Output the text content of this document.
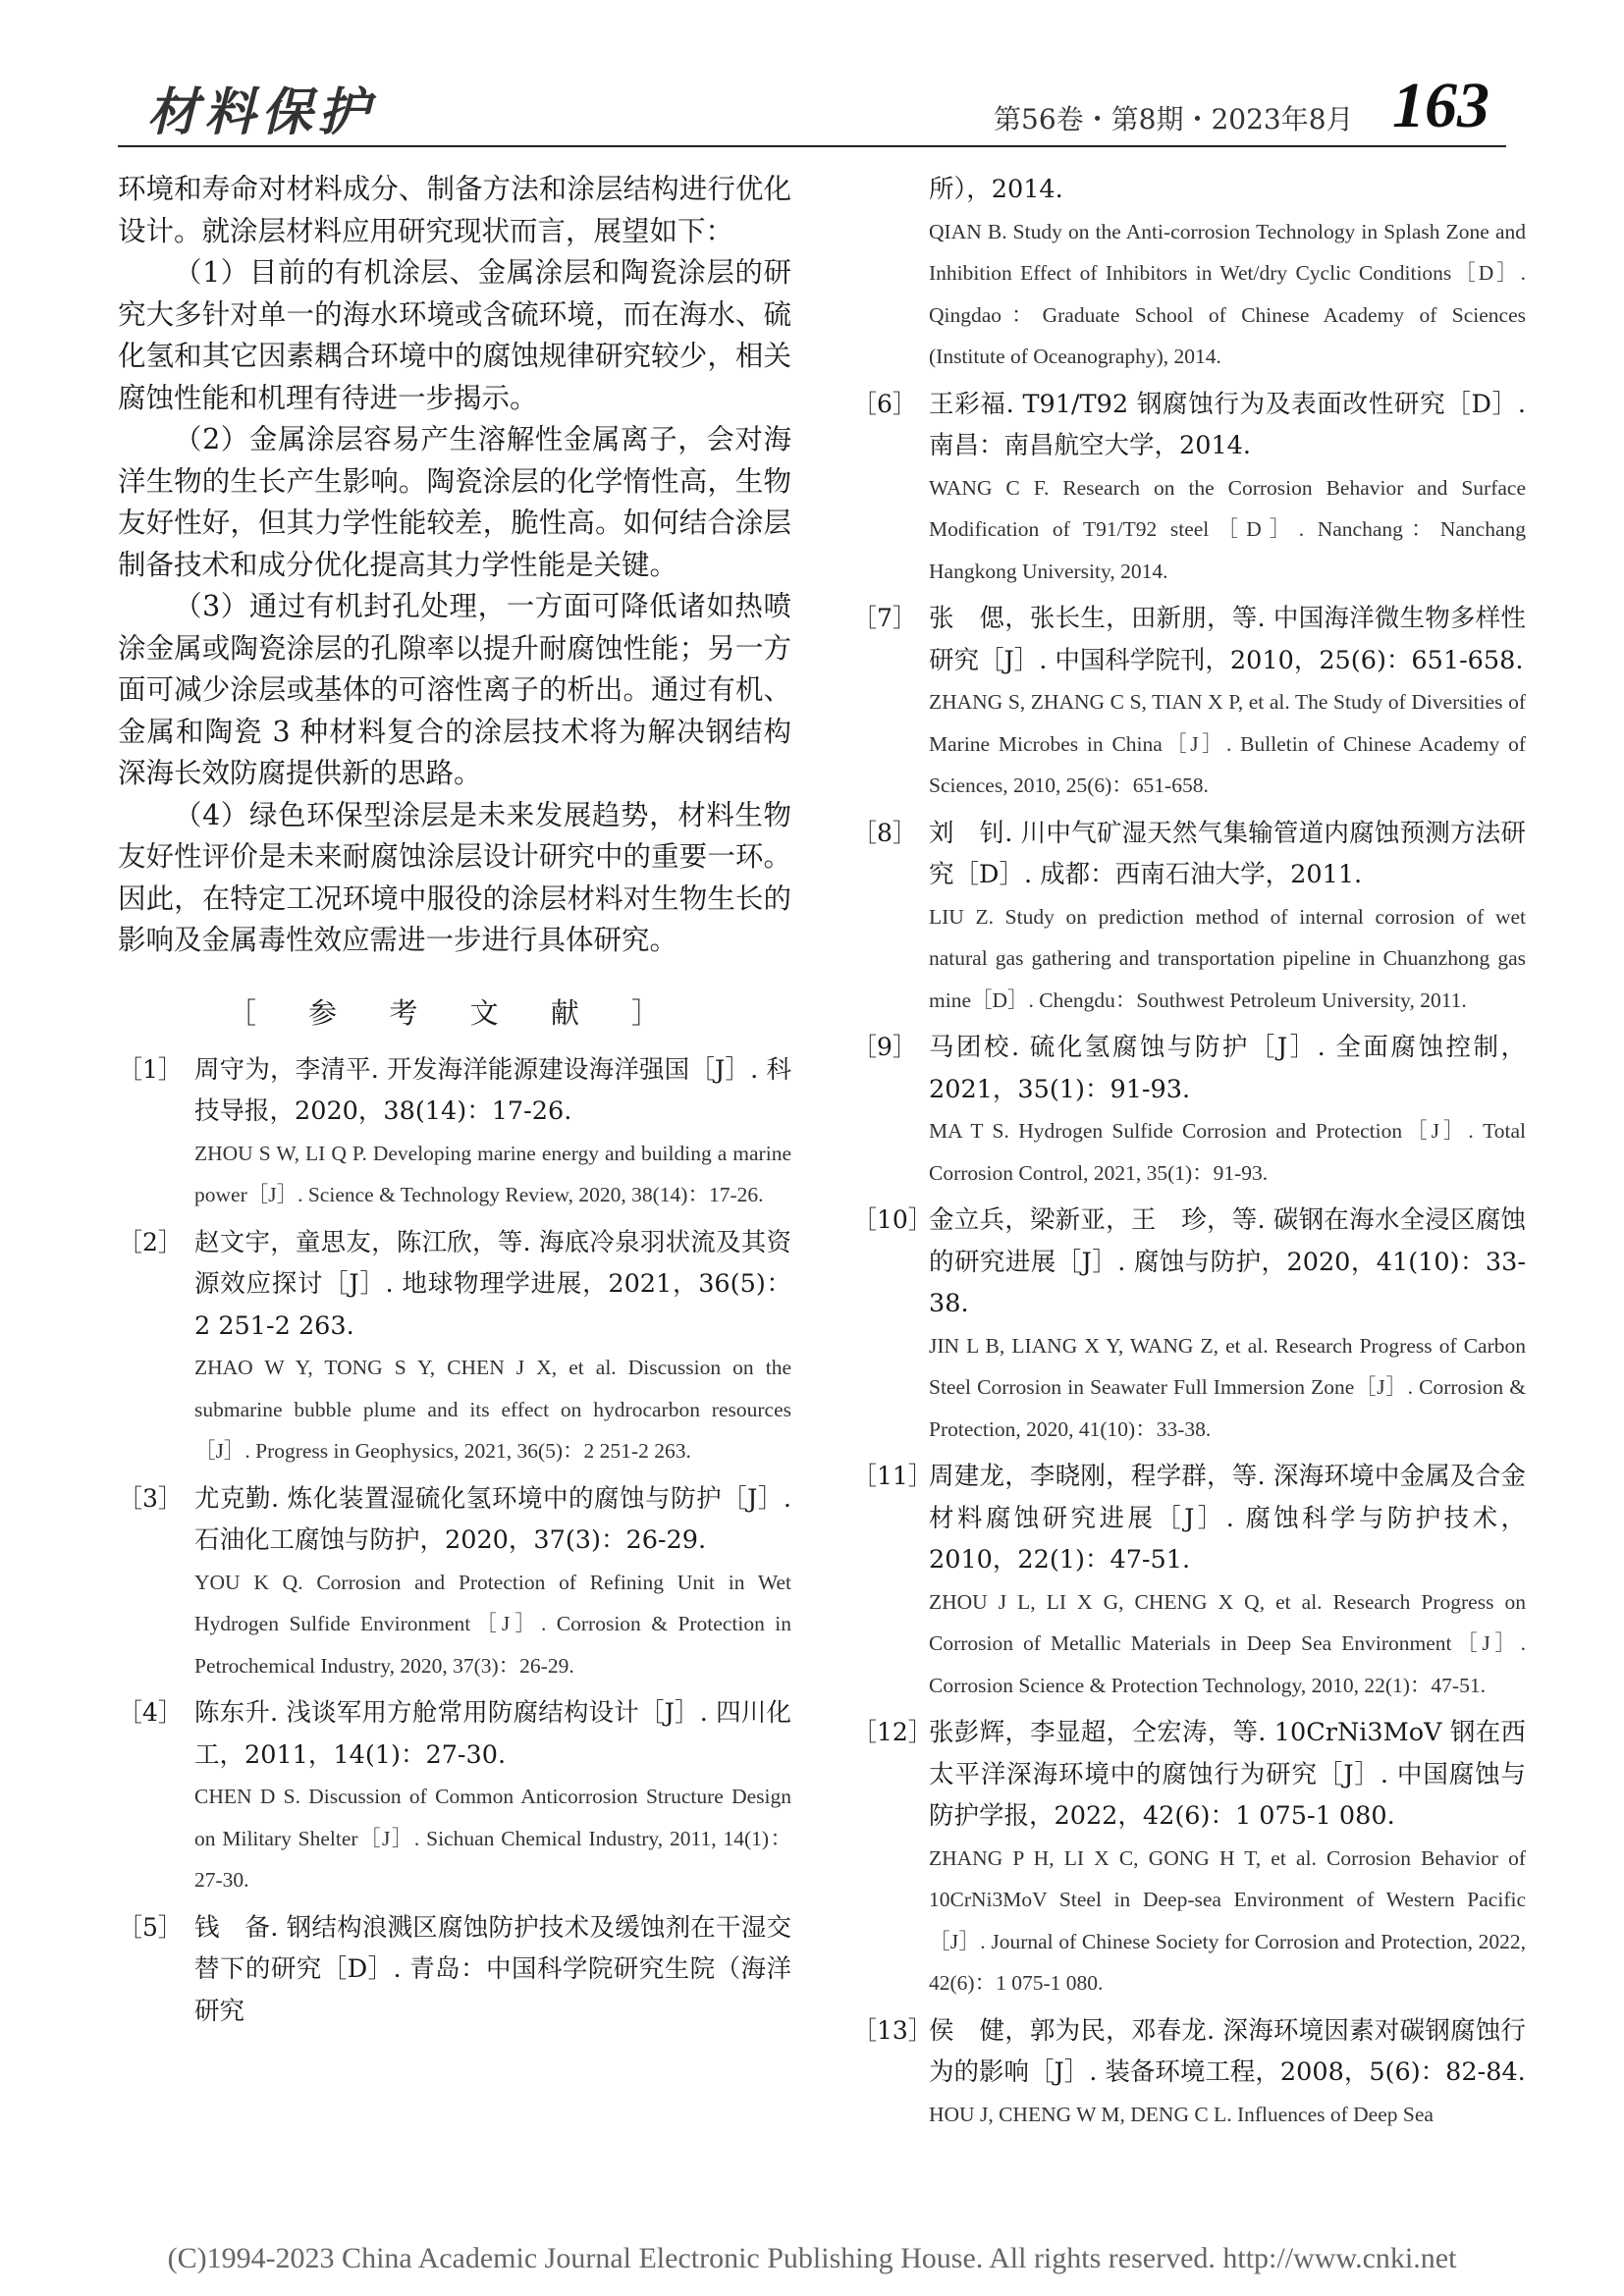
材料保护	第56卷・第8期・2023年8月 163

环境和寿命对材料成分、制备方法和涂层结构进行优化设计。就涂层材料应用研究现状而言，展望如下：

（1）目前的有机涂层、金属涂层和陶瓷涂层的研究大多针对单一的海水环境或含硫环境，而在海水、硫化氢和其它因素耦合环境中的腐蚀规律研究较少，相关腐蚀性能和机理有待进一步揭示。

（2）金属涂层容易产生溶解性金属离子，会对海洋生物的生长产生影响。陶瓷涂层的化学惰性高，生物友好性好，但其力学性能较差，脆性高。如何结合涂层制备技术和成分优化提高其力学性能是关键。

（3）通过有机封孔处理，一方面可降低诸如热喷涂金属或陶瓷涂层的孔隙率以提升耐腐蚀性能；另一方面可减少涂层或基体的可溶性离子的析出。通过有机、金属和陶瓷 3 种材料复合的涂层技术将为解决钢结构深海长效防腐提供新的思路。

（4）绿色环保型涂层是未来发展趋势，材料生物友好性评价是未来耐腐蚀涂层设计研究中的重要一环。因此，在特定工况环境中服役的涂层材料对生物生长的影响及金属毒性效应需进一步进行具体研究。

［ 参 考 文 献 ］
［1］ 周守为，李清平. 开发海洋能源建设海洋强国［J］. 科技导报，2020，38(14)：17-26.

ZHOU S W, LI Q P. Developing marine energy and building a marine power［J］. Science & Technology Review, 2020, 38(14)：17-26.

［2］ 赵文宇，童思友，陈江欣，等. 海底冷泉羽状流及其资源效应探讨［J］. 地球物理学进展，2021，36(5)：2 251-2 263.

ZHAO W Y, TONG S Y, CHEN J X, et al. Discussion on the submarine bubble plume and its effect on hydrocarbon resources［J］. Progress in Geophysics, 2021, 36(5)：2 251-2 263.

［3］ 尤克勤. 炼化装置湿硫化氢环境中的腐蚀与防护［J］. 石油化工腐蚀与防护，2020，37(3)：26-29.

YOU K Q. Corrosion and Protection of Refining Unit in Wet Hydrogen Sulfide Environment［J］. Corrosion & Protection in Petrochemical Industry, 2020, 37(3)：26-29.

［4］ 陈东升. 浅谈军用方舱常用防腐结构设计［J］. 四川化工，2011，14(1)：27-30.

CHEN D S. Discussion of Common Anticorrosion Structure Design on Military Shelter［J］. Sichuan Chemical Industry, 2011, 14(1)：27-30.

［5］ 钱　备. 钢结构浪溅区腐蚀防护技术及缓蚀剂在干湿交替下的研究［D］. 青岛：中国科学院研究生院（海洋研究

所），2014.

QIAN B. Study on the Anti-corrosion Technology in Splash Zone and Inhibition Effect of Inhibitors in Wet/dry Cyclic Conditions［D］. Qingdao：Graduate School of Chinese Academy of Sciences (Institute of Oceanography), 2014.

［6］ 王彩福. T91/T92 钢腐蚀行为及表面改性研究［D］. 南昌：南昌航空大学，2014.

WANG C F. Research on the Corrosion Behavior and Surface Modification of T91/T92 steel［D］. Nanchang：Nanchang Hangkong University, 2014.

［7］ 张　偲，张长生，田新朋，等. 中国海洋微生物多样性研究［J］. 中国科学院刊，2010，25(6)：651-658.

ZHANG S, ZHANG C S, TIAN X P, et al. The Study of Diversities of Marine Microbes in China［J］. Bulletin of Chinese Academy of Sciences, 2010, 25(6)：651-658.

［8］ 刘　钊. 川中气矿湿天然气集输管道内腐蚀预测方法研究［D］. 成都：西南石油大学，2011.

LIU Z. Study on prediction method of internal corrosion of wet natural gas gathering and transportation pipeline in Chuanzhong gas mine［D］. Chengdu：Southwest Petroleum University, 2011.

［9］ 马团校. 硫化氢腐蚀与防护［J］. 全面腐蚀控制，2021，35(1)：91-93.

MA T S. Hydrogen Sulfide Corrosion and Protection［J］. Total Corrosion Control, 2021, 35(1)：91-93.

［10］

金立兵，梁新亚，王　珍，等. 碳钢在海水全浸区腐蚀的研究进展［J］. 腐蚀与防护，2020，41(10)：33-38.

JIN L B, LIANG X Y, WANG Z, et al. Research Progress of Carbon Steel Corrosion in Seawater Full Immersion Zone［J］. Corrosion & Protection, 2020, 41(10)：33-38.

［11］

周建龙，李晓刚，程学群，等. 深海环境中金属及合金材料腐蚀研究进展［J］. 腐蚀科学与防护技术，2010，22(1)：47-51.

ZHOU J L, LI X G, CHENG X Q, et al. Research Progress on Corrosion of Metallic Materials in Deep Sea Environment［J］. Corrosion Science & Protection Technology, 2010, 22(1)：47-51.

［12］

张彭辉，李显超，仝宏涛，等. 10CrNi3MoV 钢在西太平洋深海环境中的腐蚀行为研究［J］. 中国腐蚀与防护学报，2022，42(6)：1 075-1 080.

ZHANG P H, LI X C, GONG H T, et al. Corrosion Behavior of 10CrNi3MoV Steel in Deep-sea Environment of Western Pacific［J］. Journal of Chinese Society for Corrosion and Protection, 2022, 42(6)：1 075-1 080.

［13］

侯　健，郭为民，邓春龙. 深海环境因素对碳钢腐蚀行为的影响［J］. 装备环境工程，2008，5(6)：82-84.

HOU J, CHENG W M, DENG C L. Influences of Deep Sea

(C)1994-2023 China Academic Journal Electronic Publishing House. All rights reserved. http://www.cnki.net
